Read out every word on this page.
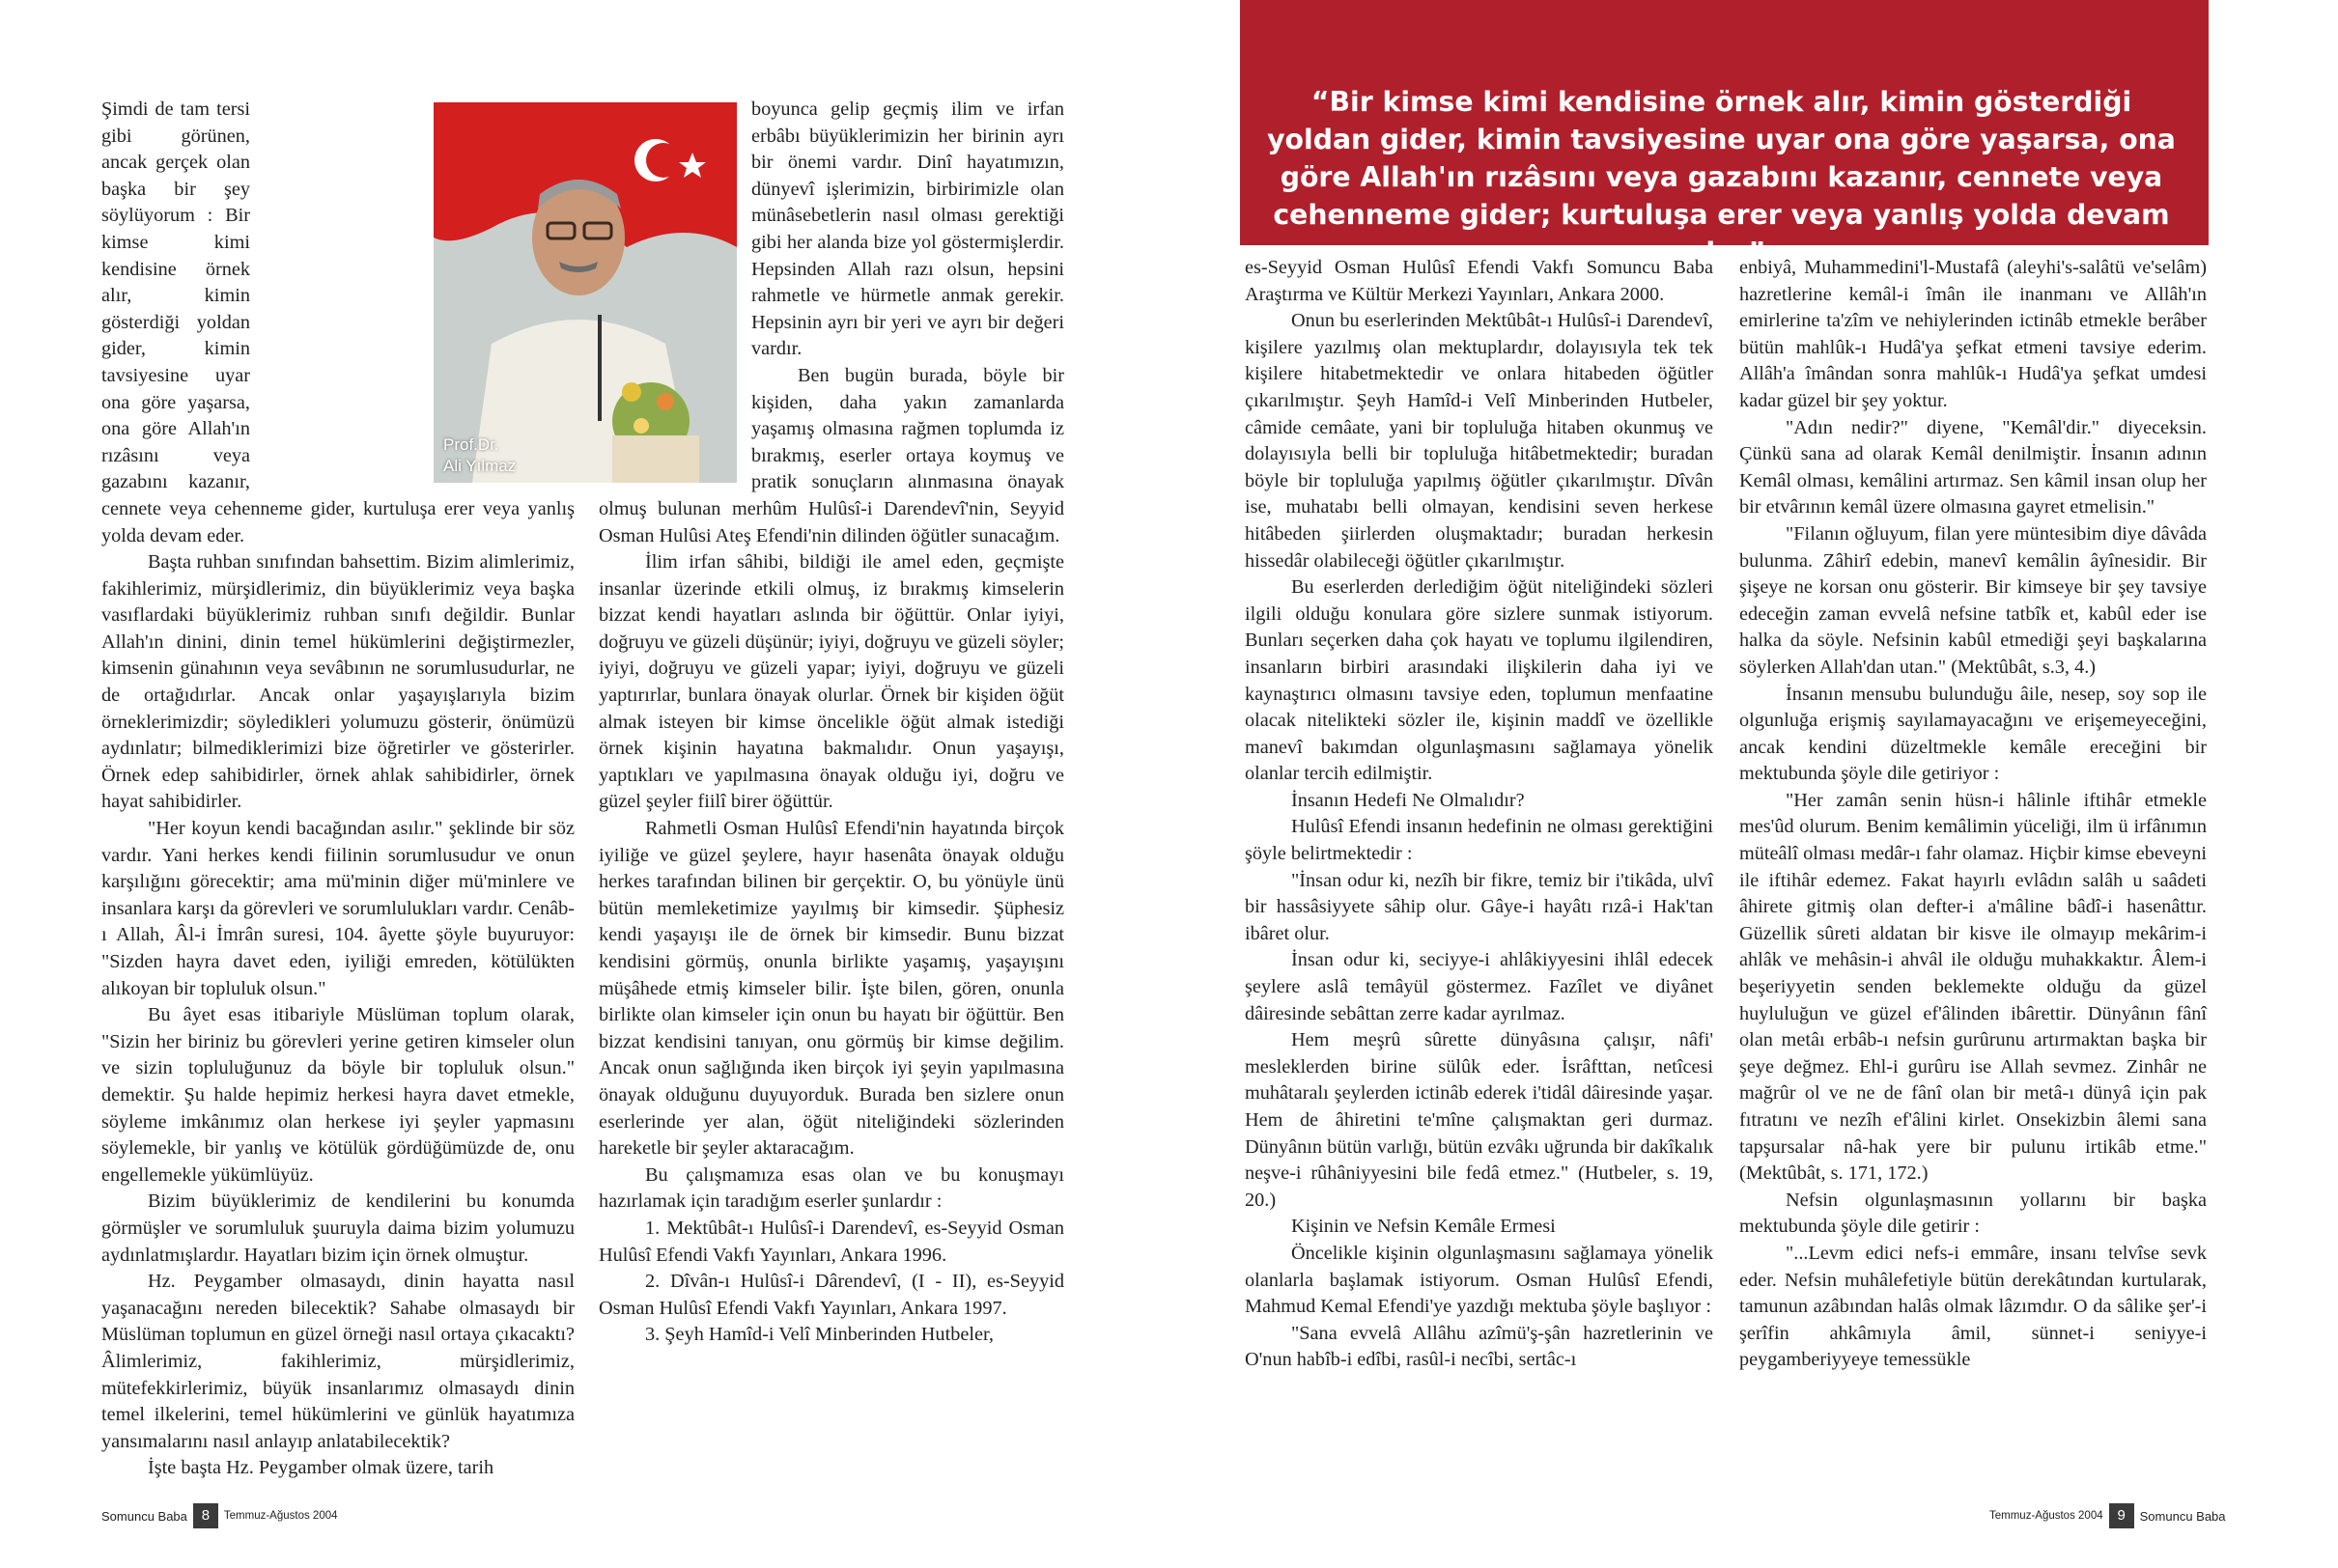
Şimdi de tam tersi gibi görünen, ancak gerçek olan başka bir şey söylüyorum : Bir kimse kimi kendisine örnek alır, kimin gösterdiği yoldan gider, kimin tavsiyesine uyar ona göre yaşarsa, ona göre Allah'ın rızâsını veya gazabını kazanır, cennete veya cehenneme gider, kurtuluşa erer veya yanlış yolda devam eder.

Başta ruhban sınıfından bahsettim. Bizim alimlerimiz, fakihlerimiz, mürşidlerimiz, din büyüklerimiz veya başka vasıflardaki büyüklerimiz ruhban sınıfı değildir. Bunlar Allah'ın dinini, dinin temel hükümlerini değiştirmezler, kimsenin günahının veya sevâbının ne sorumlusudurlar, ne de ortağıdırlar. Ancak onlar yaşayışlarıyla bizim örneklerimizdir; söyledikleri yolumuzu gösterir, önümüzü aydınlatır; bilmediklerimizi bize öğretirler ve gösterirler. Örnek edep sahibidirler, örnek ahlak sahibidirler, örnek hayat sahibidirler.

"Her koyun kendi bacağından asılır." şeklinde bir söz vardır. Yani herkes kendi fiilinin sorumlusudur ve onun karşılığını görecektir; ama mü'minin diğer mü'minlere ve insanlara karşı da görevleri ve sorumlulukları vardır. Cenâb-ı Allah, Âl-i İmrân suresi, 104. âyette şöyle buyuruyor: "Sizden hayra davet eden, iyiliği emreden, kötülükten alıkoyan bir topluluk olsun."

Bu âyet esas itibariyle Müslüman toplum olarak, "Sizin her biriniz bu görevleri yerine getiren kimseler olun ve sizin topluluğunuz da böyle bir topluluk olsun." demektir. Şu halde hepimiz herkesi hayra davet etmekle, söyleme imkânımız olan herkese iyi şeyler yapmasını söylemekle, bir yanlış ve kötülük gördüğümüzde de, onu engellemekle yükümlüyüz.

Bizim büyüklerimiz de kendilerini bu konumda görmüşler ve sorumluluk şuuruyla daima bizim yolumuzu aydınlatmışlardır. Hayatları bizim için örnek olmuştur.

Hz. Peygamber olmasaydı, dinin hayatta nasıl yaşanacağını nereden bilecektik? Sahabe olmasaydı bir Müslüman toplumun en güzel örneği nasıl ortaya çıkacaktı? Âlimlerimiz, fakihlerimiz, mürşidlerimiz, mütefekkirlerimiz, büyük insanlarımız olmasaydı dinin temel ilkelerini, temel hükümlerini ve günlük hayatımıza yansımalarını nasıl anlayıp anlatabilecektik?

İşte başta Hz. Peygamber olmak üzere, tarih

Prof.Dr.
Ali Yılmaz

boyunca gelip geçmiş ilim ve irfan erbâbı büyüklerimizin her birinin ayrı bir önemi vardır. Dinî hayatımızın, dünyevî işlerimizin, birbirimizle olan münâsebetlerin nasıl olması gerektiği gibi her alanda bize yol göstermişlerdir. Hepsinden Allah razı olsun, hepsini rahmetle ve hürmetle anmak gerekir. Hepsinin ayrı bir yeri ve ayrı bir değeri vardır.

Ben bugün burada, böyle bir kişiden, daha yakın zamanlarda yaşamış olmasına rağmen toplumda iz bırakmış, eserler ortaya koymuş ve pratik sonuçların alınmasına önayak olmuş bulunan merhûm Hulûsî-i Darendevî'nin, Seyyid Osman Hulûsi Ateş Efendi'nin dilinden öğütler sunacağım.

İlim irfan sâhibi, bildiği ile amel eden, geçmişte insanlar üzerinde etkili olmuş, iz bırakmış kimselerin bizzat kendi hayatları aslında bir öğüttür. Onlar iyiyi, doğruyu ve güzeli düşünür; iyiyi, doğruyu ve güzeli söyler; iyiyi, doğruyu ve güzeli yapar; iyiyi, doğruyu ve güzeli yaptırırlar, bunlara önayak olurlar. Örnek bir kişiden öğüt almak isteyen bir kimse öncelikle öğüt almak istediği örnek kişinin hayatına bakmalıdır. Onun yaşayışı, yaptıkları ve yapılmasına önayak olduğu iyi, doğru ve güzel şeyler fiilî birer öğüttür.

Rahmetli Osman Hulûsî Efendi'nin hayatında birçok iyiliğe ve güzel şeylere, hayır hasenâta önayak olduğu herkes tarafından bilinen bir gerçektir. O, bu yönüyle ünü bütün memleketimize yayılmış bir kimsedir. Şüphesiz kendi yaşayışı ile de örnek bir kimsedir. Bunu bizzat kendisini görmüş, onunla birlikte yaşamış, yaşayışını müşâhede etmiş kimseler bilir. İşte bilen, gören, onunla birlikte olan kimseler için onun bu hayatı bir öğüttür. Ben bizzat kendisini tanıyan, onu görmüş bir kimse değilim. Ancak onun sağlığında iken birçok iyi şeyin yapılmasına önayak olduğunu duyuyorduk. Burada ben sizlere onun eserlerinde yer alan, öğüt niteliğindeki sözlerinden hareketle bir şeyler aktaracağım.

Bu çalışmamıza esas olan ve bu konuşmayı hazırlamak için taradığım eserler şunlardır :

1. Mektûbât-ı Hulûsî-i Darendevî, es-Seyyid Osman Hulûsî Efendi Vakfı Yayınları, Ankara 1996.

2. Dîvân-ı Hulûsî-i Dârendevî, (I - II), es-Seyyid Osman Hulûsî Efendi Vakfı Yayınları, Ankara 1997.

3. Şeyh Hamîd-i Velî Minberinden Hutbeler,

Somuncu Baba 8	Temmuz-Ağustos 2004
“Bir kimse kimi kendisine örnek alır, kimin gösterdiği yoldan gider, kimin tavsiyesine uyar ona göre yaşarsa, ona göre Allah'ın rızâsını veya gazabını kazanır, cennete veya cehenneme gider; kurtuluşa erer veya yanlış yolda devam eder”

es-Seyyid Osman Hulûsî Efendi Vakfı Somuncu Baba Araştırma ve Kültür Merkezi Yayınları, Ankara 2000.

Onun bu eserlerinden Mektûbât-ı Hulûsî-i Darendevî, kişilere yazılmış olan mektuplardır, dolayısıyla tek tek kişilere hitabetmektedir ve onlara hitabeden öğütler çıkarılmıştır. Şeyh Hamîd-i Velî Minberinden Hutbeler, câmide cemâate, yani bir topluluğa hitaben okunmuş ve dolayısıyla belli bir topluluğa hitâbetmektedir; buradan böyle bir topluluğa yapılmış öğütler çıkarılmıştır. Dîvân ise, muhatabı belli olmayan, kendisini seven herkese hitâbeden şiirlerden oluşmaktadır; buradan herkesin hissedâr olabileceği öğütler çıkarılmıştır.

Bu eserlerden derlediğim öğüt niteliğindeki sözleri ilgili olduğu konulara göre sizlere sunmak istiyorum. Bunları seçerken daha çok hayatı ve toplumu ilgilendiren, insanların birbiri arasındaki ilişkilerin daha iyi ve kaynaştırıcı olmasını tavsiye eden, toplumun menfaatine olacak nitelikteki sözler ile, kişinin maddî ve özellikle manevî bakımdan olgunlaşmasını sağlamaya yönelik olanlar tercih edilmiştir.

İnsanın Hedefi Ne Olmalıdır?

Hulûsî Efendi insanın hedefinin ne olması gerektiğini şöyle belirtmektedir :

"İnsan odur ki, nezîh bir fikre, temiz bir i'tikâda, ulvî bir hassâsiyyete sâhip olur. Gâye-i hayâtı rızâ-i Hak'tan ibâret olur.

İnsan odur ki, seciyye-i ahlâkiyyesini ihlâl edecek şeylere aslâ temâyül göstermez. Fazîlet ve diyânet dâiresinde sebâttan zerre kadar ayrılmaz.

Hem meşrû sûrette dünyâsına çalışır, nâfi' mesleklerden birine sülûk eder. İsrâfttan, netîcesi muhâtaralı şeylerden ictinâb ederek i'tidâl dâiresinde yaşar. Hem de âhiretini te'mîne çalışmaktan geri durmaz. Dünyânın bütün varlığı, bütün ezvâkı uğrunda bir dakîkalık neşve-i rûhâniyyesini bile fedâ etmez." (Hutbeler, s. 19, 20.)

Kişinin ve Nefsin Kemâle Ermesi

Öncelikle kişinin olgunlaşmasını sağlamaya yönelik olanlarla başlamak istiyorum. Osman Hulûsî Efendi, Mahmud Kemal Efendi'ye yazdığı mektuba şöyle başlıyor :

"Sana evvelâ Allâhu azîmü'ş-şân hazretlerinin ve O'nun habîb-i edîbi, rasûl-i necîbi, sertâc-ı

enbiyâ, Muhammedini'l-Mustafâ (aleyhi's-salâtü ve'selâm) hazretlerine kemâl-i îmân ile inanmanı ve Allâh'ın emirlerine ta'zîm ve nehiylerinden ictinâb etmekle berâber bütün mahlûk-ı Hudâ'ya şefkat etmeni tavsiye ederim. Allâh'a îmândan sonra mahlûk-ı Hudâ'ya şefkat umdesi kadar güzel bir şey yoktur.

"Adın nedir?" diyene, "Kemâl'dir." diyeceksin. Çünkü sana ad olarak Kemâl denilmiştir. İnsanın adının Kemâl olması, kemâlini artırmaz. Sen kâmil insan olup her bir etvârının kemâl üzere olmasına gayret etmelisin."

"Filanın oğluyum, filan yere müntesibim diye dâvâda bulunma. Zâhirî edebin, manevî kemâlin âyînesidir. Bir şişeye ne korsan onu gösterir. Bir kimseye bir şey tavsiye edeceğin zaman evvelâ nefsine tatbîk et, kabûl eder ise halka da söyle. Nefsinin kabûl etmediği şeyi başkalarına söylerken Allah'dan utan." (Mektûbât, s.3, 4.)

İnsanın mensubu bulunduğu âile, nesep, soy sop ile olgunluğa erişmiş sayılamayacağını ve erişemeyeceğini, ancak kendini düzeltmekle kemâle ereceğini bir mektubunda şöyle dile getiriyor :

"Her zamân senin hüsn-i hâlinle iftihâr etmekle mes'ûd olurum. Benim kemâlimin yüceliği, ilm ü irfânımın müteâlî olması medâr-ı fahr olamaz. Hiçbir kimse ebeveyni ile iftihâr edemez. Fakat hayırlı evlâdın salâh u saâdeti âhirete gitmiş olan defter-i a'mâline bâdî-i hasenâttır. Güzellik sûreti aldatan bir kisve ile olmayıp mekârim-i ahlâk ve mehâsin-i ahvâl ile olduğu muhakkaktır. Âlem-i beşeriyyetin senden beklemekte olduğu da güzel huyluluğun ve güzel ef'âlinden ibârettir. Dünyânın fânî olan metâı erbâb-ı nefsin gurûrunu artırmaktan başka bir şeye değmez. Ehl-i gurûru ise Allah sevmez. Zinhâr ne mağrûr ol ve ne de fânî olan bir metâ-ı dünyâ için pak fıtratını ve nezîh ef'âlini kirlet. Onsekizbin âlemi sana tapşursalar nâ-hak yere bir pulunu irtikâb etme." (Mektûbât, s. 171, 172.)

Nefsin olgunlaşmasının yollarını bir başka mektubunda şöyle dile getirir :

"...Levm edici nefs-i emmâre, insanı telvîse sevk eder. Nefsin muhâlefetiyle bütün derekâtından kurtularak, tamunun azâbından halâs olmak lâzımdır. O da sâlike şer'-i şerîfin ahkâmıyla âmil, sünnet-i seniyye-i peygamberiyyeye temessükle

Temmuz-Ağustos 2004 9	Somuncu Baba
